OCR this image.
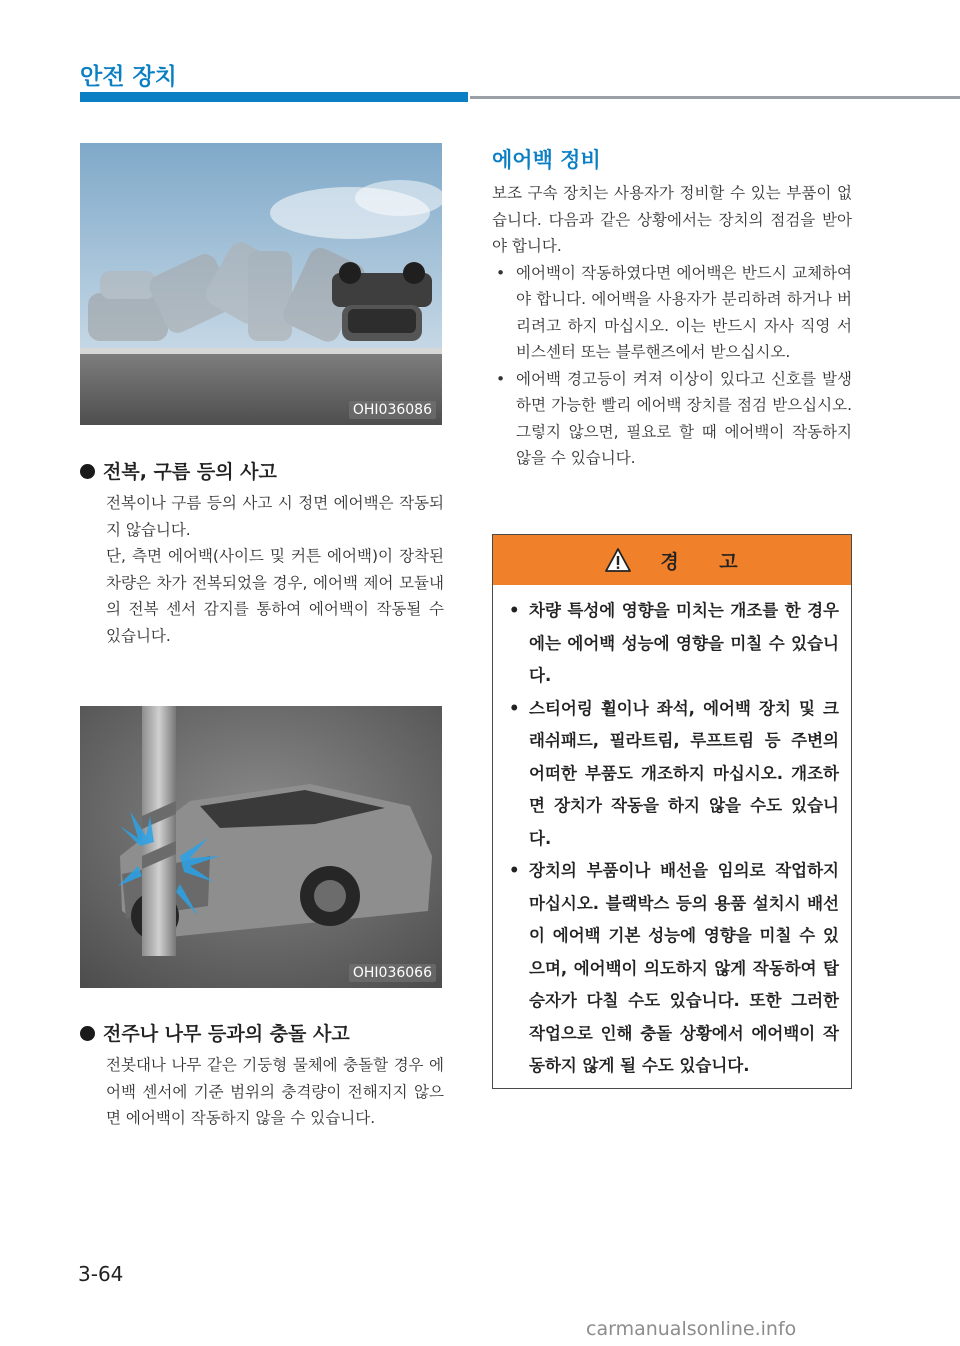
안전 장치
OHI036086
전복, 구름 등의 사고

전복이나 구름 등의 사고 시 정면 에어백은 작동되지 않습니다.

단, 측면 에어백(사이드 및 커튼 에어백)이 장착된 차량은 차가 전복되었을 경우, 에어백 제어 모듈내의 전복 센서 감지를 통하여 에어백이 작동될 수 있습니다.

OHI036066
전주나 나무 등과의 충돌 사고

전봇대나 나무 같은 기둥형 물체에 충돌할 경우 에어백 센서에 기준 범위의 충격량이 전해지지 않으면 에어백이 작동하지 않을 수 있습니다.

에어백 정비

보조 구속 장치는 사용자가 정비할 수 있는 부품이 없습니다. 다음과 같은 상황에서는 장치의 점검을 받아야 합니다.

• 에어백이 작동하였다면 에어백은 반드시 교체하여야 합니다. 에어백을 사용자가 분리하려 하거나 버리려고 하지 마십시오. 이는 반드시 자사 직영 서비스센터 또는 블루핸즈에서 받으십시오.
• 에어백 경고등이 켜져 이상이 있다고 신호를 발생하면 가능한 빨리 에어백 장치를 점검 받으십시오. 그렇지 않으면, 필요로 할 때 에어백이 작동하지 않을 수 있습니다.
경 고
• 차량 특성에 영향을 미치는 개조를 한 경우에는 에어백 성능에 영향을 미칠 수 있습니다.
• 스티어링 휠이나 좌석, 에어백 장치 및 크래쉬패드, 필라트림, 루프트림 등 주변의 어떠한 부품도 개조하지 마십시오. 개조하면 장치가 작동을 하지 않을 수도 있습니다.
• 장치의 부품이나 배선을 임의로 작업하지 마십시오. 블랙박스 등의 용품 설치시 배선이 에어백 기본 성능에 영향을 미칠 수 있으며, 에어백이 의도하지 않게 작동하여 탑승자가 다칠 수도 있습니다. 또한 그러한 작업으로 인해 충돌 상황에서 에어백이 작동하지 않게 될 수도 있습니다.
3-64
carmanualsonline.info
